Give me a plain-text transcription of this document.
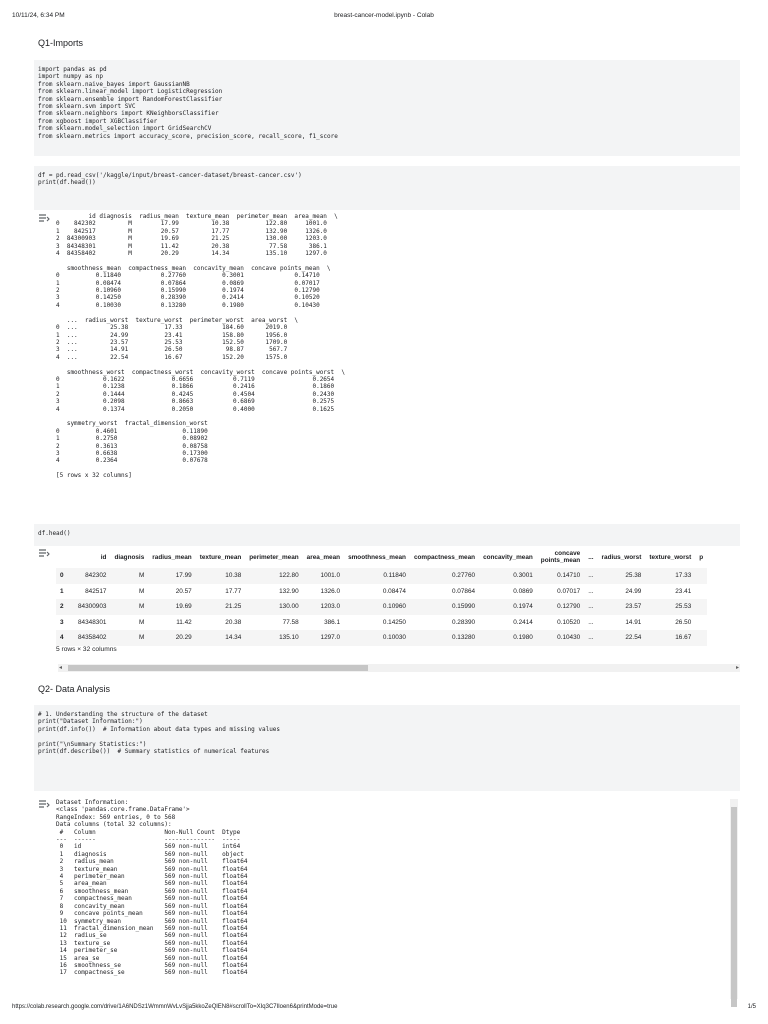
10/11/24, 6:34 PM	breast-cancer-model.ipynb - Colab
Q1-Imports
import pandas as pd
import numpy as np
from sklearn.naive_bayes import GaussianNB
from sklearn.linear_model import LogisticRegression
from sklearn.ensemble import RandomForestClassifier
from sklearn.svm import SVC
from sklearn.neighbors import KNeighborsClassifier
from xgboost import XGBClassifier
from sklearn.model_selection import GridSearchCV
from sklearn.metrics import accuracy_score, precision_score, recall_score, f1_score
df = pd.read_csv('/kaggle/input/breast-cancer-dataset/breast-cancer.csv')
print(df.head())
id diagnosis  radius_mean  texture_mean  perimeter_mean  area_mean  \
0    842302         M        17.99         10.38          122.80     1001.0
1    842517         M        20.57         17.77          132.90     1326.0
2  84300903         M        19.69         21.25          130.00     1203.0
3  84348301         M        11.42         20.38           77.58      386.1
4  84358402         M        20.29         14.34          135.10     1297.0

smoothness_mean  compactness_mean  concavity_mean  concave points_mean  \
0          0.11840           0.27760          0.3001              0.14710
1          0.08474           0.07864          0.0869              0.07017
2          0.10960           0.15990          0.1974              0.12790
3          0.14250           0.28390          0.2414              0.10520
4          0.10030           0.13280          0.1980              0.10430

...  radius_worst  texture_worst  perimeter_worst  area_worst  \
0  ...         25.38          17.33           184.60      2019.0
1  ...         24.99          23.41           158.80      1956.0
2  ...         23.57          25.53           152.50      1709.0
3  ...         14.91          26.50            98.87       567.7
4  ...         22.54          16.67           152.20      1575.0

smoothness_worst  compactness_worst  concavity_worst  concave points_worst  \
0            0.1622             0.6656           0.7119                0.2654
1            0.1238             0.1866           0.2416                0.1860
2            0.1444             0.4245           0.4504                0.2430
3            0.2098             0.8663           0.6869                0.2575
4            0.1374             0.2050           0.4000                0.1625

symmetry_worst  fractal_dimension_worst
0          0.4601                  0.11890
1          0.2750                  0.08902
2          0.3613                  0.08758
3          0.6638                  0.17300
4          0.2364                  0.07678

[5 rows x 32 columns]
df.head()
	id	diagnosis	radius_mean	texture_mean	perimeter_mean	area_mean	smoothness_mean	compactness_mean	concavity_mean	concave
points_mean	...	radius_worst	texture_worst	p
0	842302	M	17.99	10.38	122.80	1001.0	0.11840	0.27760	0.3001	0.14710	...	25.38	17.33	
1	842517	M	20.57	17.77	132.90	1326.0	0.08474	0.07864	0.0869	0.07017	...	24.99	23.41	
2	84300903	M	19.69	21.25	130.00	1203.0	0.10960	0.15990	0.1974	0.12790	...	23.57	25.53	
3	84348301	M	11.42	20.38	77.58	386.1	0.14250	0.28390	0.2414	0.10520	...	14.91	26.50	
4	84358402	M	20.29	14.34	135.10	1297.0	0.10030	0.13280	0.1980	0.10430	...	22.54	16.67	
5 rows × 32 columns
◂	▸
Q2- Data Analysis
# 1. Understanding the structure of the dataset
print("Dataset Information:")
print(df.info())  # Information about data types and missing values

print("\nSummary Statistics:")
print(df.describe())  # Summary statistics of numerical features
Dataset Information:
<class 'pandas.core.frame.DataFrame'>
RangeIndex: 569 entries, 0 to 568
Data columns (total 32 columns):
#   Column                   Non-Null Count  Dtype
---  ------                   --------------  -----
0   id                       569 non-null    int64
1   diagnosis                569 non-null    object
2   radius_mean              569 non-null    float64
3   texture_mean             569 non-null    float64
4   perimeter_mean           569 non-null    float64
5   area_mean                569 non-null    float64
6   smoothness_mean          569 non-null    float64
7   compactness_mean         569 non-null    float64
8   concavity_mean           569 non-null    float64
9   concave points_mean      569 non-null    float64
10  symmetry_mean            569 non-null    float64
11  fractal_dimension_mean   569 non-null    float64
12  radius_se                569 non-null    float64
13  texture_se               569 non-null    float64
14  perimeter_se             569 non-null    float64
15  area_se                  569 non-null    float64
16  smoothness_se            569 non-null    float64
17  compactness_se           569 non-null    float64
https://colab.research.google.com/drive/1A6NDSz1WmmnWvLvSjja5kkoZeQlEN8#scrollTo=XIq3C7Iloen6&printMode=true	1/5
